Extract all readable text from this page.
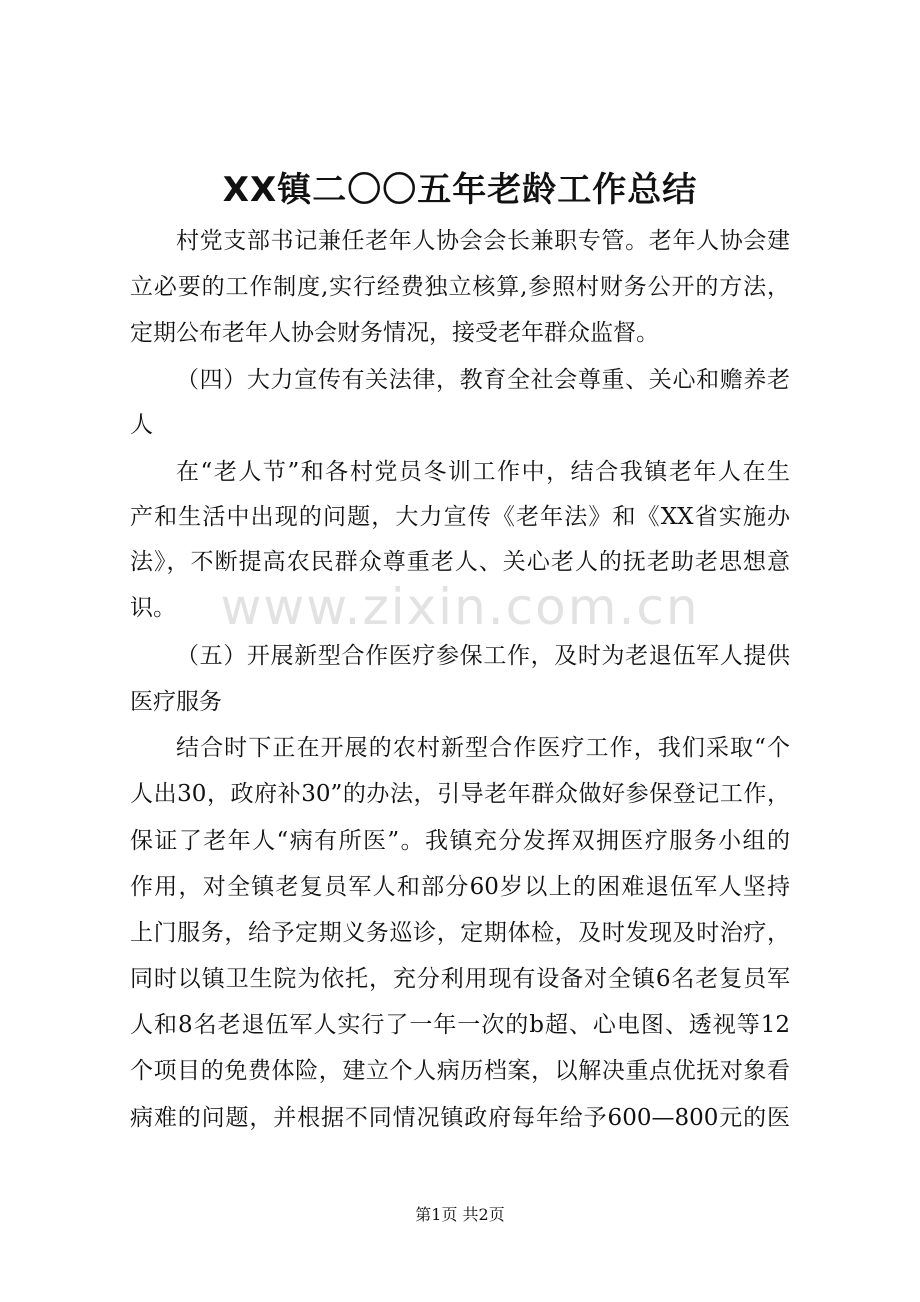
XX镇二〇〇五年老龄工作总结
村党支部书记兼任老年人协会会长兼职专管。老年人协会建
立必要的工作制度,实行经费独立核算,参照村财务公开的方法，
定期公布老年人协会财务情况，接受老年群众监督。
（四）大力宣传有关法律，教育全社会尊重、关心和赡养老
人
在“老人节”和各村党员冬训工作中，结合我镇老年人在生
产和生活中出现的问题，大力宣传《老年法》和《XX省实施办
法》，不断提高农民群众尊重老人、关心老人的抚老助老思想意
识。
（五）开展新型合作医疗参保工作，及时为老退伍军人提供
医疗服务
结合时下正在开展的农村新型合作医疗工作，我们采取“个
人出30，政府补30”的办法，引导老年群众做好参保登记工作，
保证了老年人“病有所医”。我镇充分发挥双拥医疗服务小组的
作用，对全镇老复员军人和部分60岁以上的困难退伍军人坚持
上门服务，给予定期义务巡诊，定期体检，及时发现及时治疗，
同时以镇卫生院为依托，充分利用现有设备对全镇6名老复员军
人和8名老退伍军人实行了一年一次的b超、心电图、透视等12
个项目的免费体险，建立个人病历档案，以解决重点优抚对象看
病难的问题，并根据不同情况镇政府每年给予600—800元的医
www.zixin.com.cn
第1页 共2页
